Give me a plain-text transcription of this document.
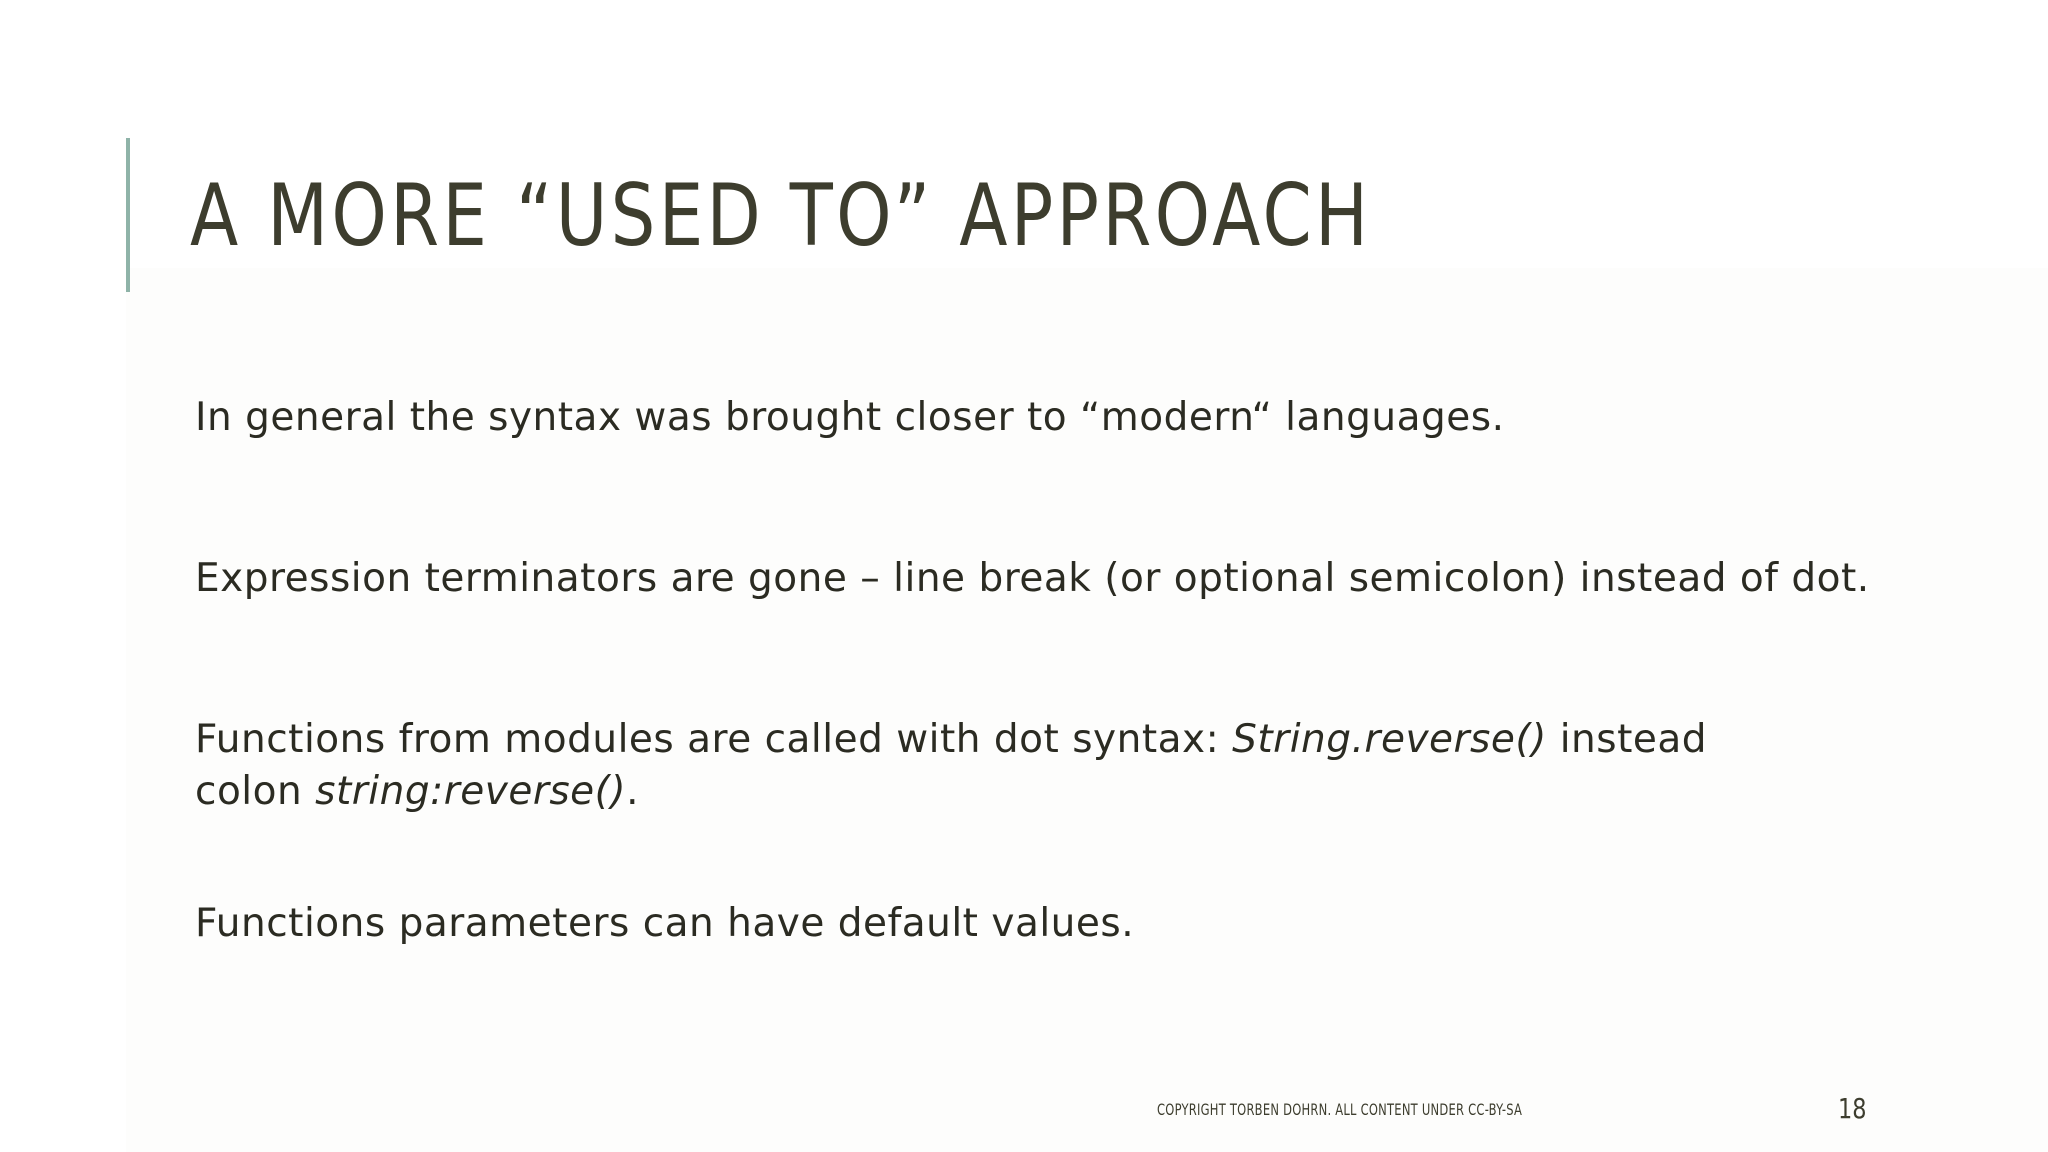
A MORE “USED TO” APPROACH

In general the syntax was brought closer to “modern“ languages.

Expression terminators are gone – line break (or optional semicolon) instead of dot.

Functions from modules are called with dot syntax: String.reverse() instead colon string:reverse().

Functions parameters can have default values.

COPYRIGHT TORBEN DOHRN. ALL CONTENT UNDER CC-BY-SA	18
